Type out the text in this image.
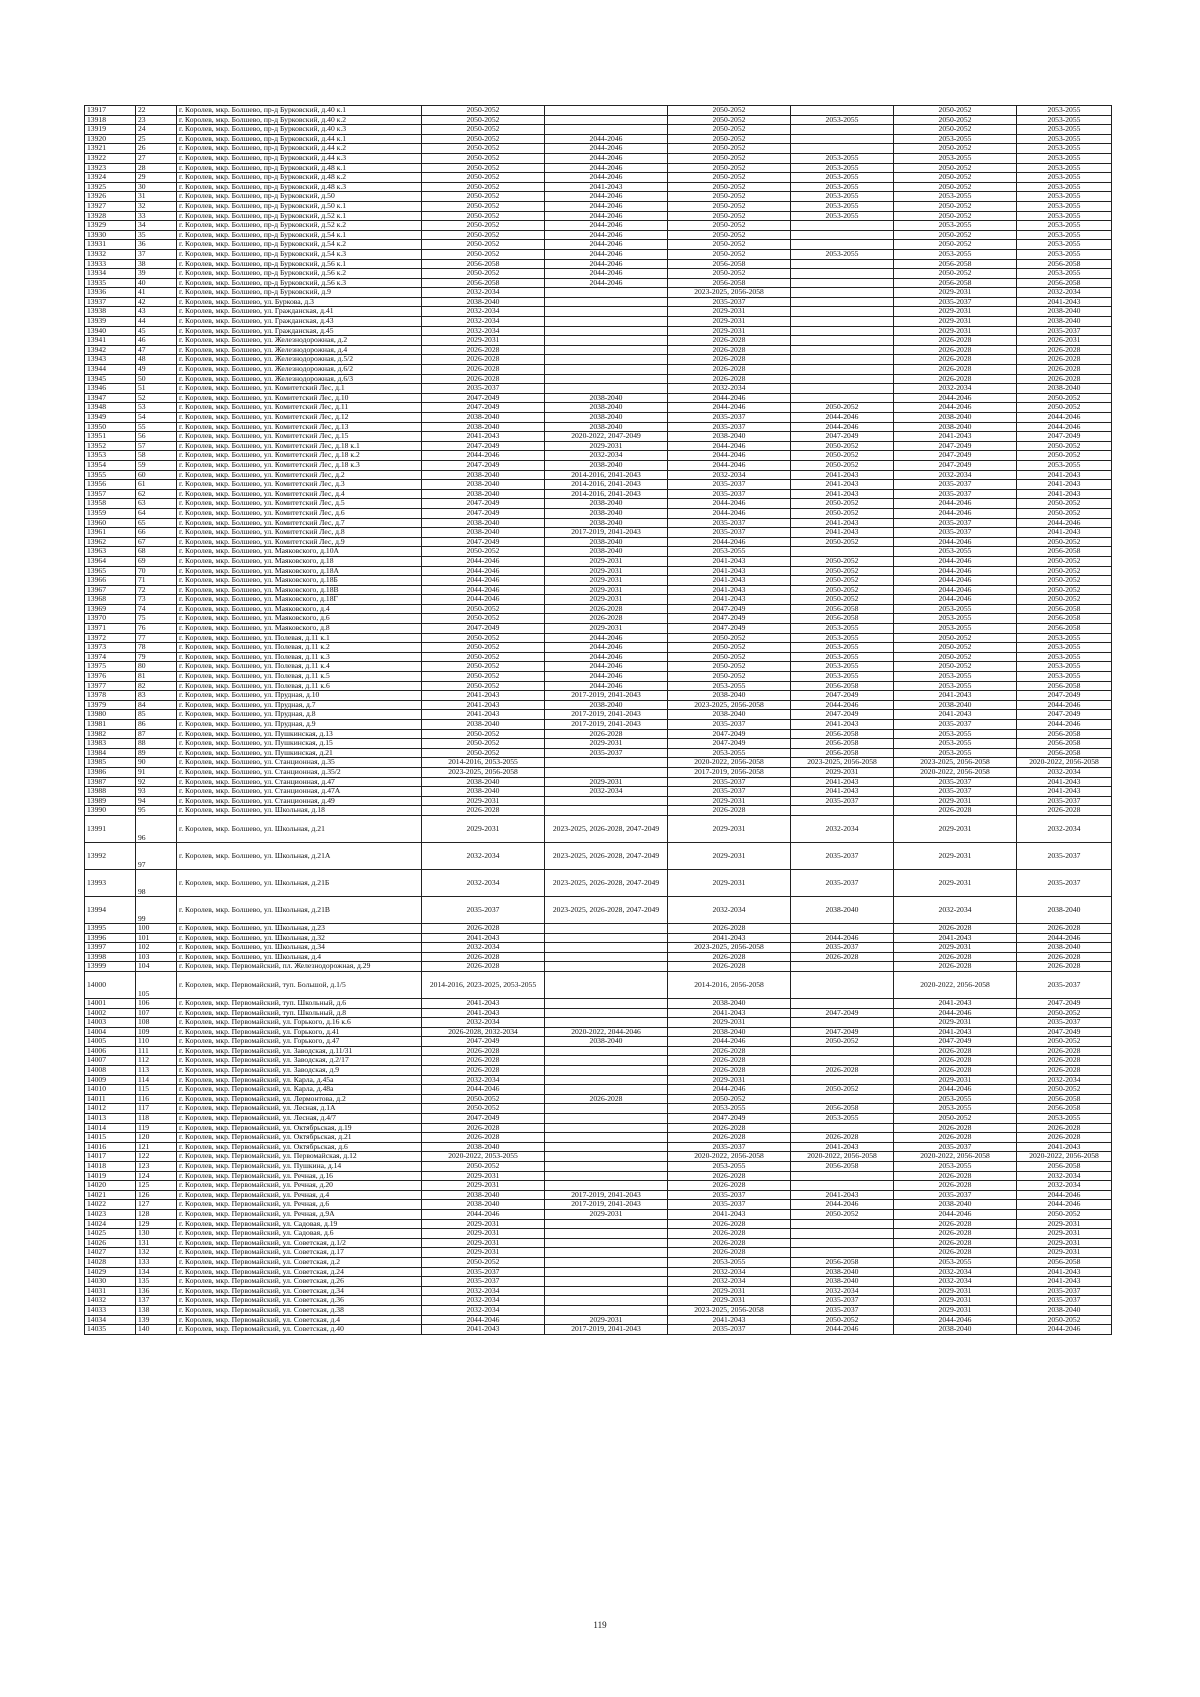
13917	22	г. Королев, мкр. Болшево, пр-д Бурковский, д.40 к.1	2050-2052		2050-2052		2050-2052	2053-2055
13918	23	г. Королев, мкр. Болшево, пр-д Бурковский, д.40 к.2	2050-2052		2050-2052	2053-2055	2050-2052	2053-2055
13919	24	г. Королев, мкр. Болшево, пр-д Бурковский, д.40 к.3	2050-2052		2050-2052		2050-2052	2053-2055
13920	25	г. Королев, мкр. Болшево, пр-д Бурковский, д.44 к.1	2050-2052	2044-2046	2050-2052		2053-2055	2053-2055
13921	26	г. Королев, мкр. Болшево, пр-д Бурковский, д.44 к.2	2050-2052	2044-2046	2050-2052		2050-2052	2053-2055
13922	27	г. Королев, мкр. Болшево, пр-д Бурковский, д.44 к.3	2050-2052	2044-2046	2050-2052	2053-2055	2053-2055	2053-2055
13923	28	г. Королев, мкр. Болшево, пр-д Бурковский, д.48 к.1	2050-2052	2044-2046	2050-2052	2053-2055	2050-2052	2053-2055
13924	29	г. Королев, мкр. Болшево, пр-д Бурковский, д.48 к.2	2050-2052	2044-2046	2050-2052	2053-2055	2050-2052	2053-2055
13925	30	г. Королев, мкр. Болшево, пр-д Бурковский, д.48 к.3	2050-2052	2041-2043	2050-2052	2053-2055	2050-2052	2053-2055
13926	31	г. Королев, мкр. Болшево, пр-д Бурковский, д.50	2050-2052	2044-2046	2050-2052	2053-2055	2053-2055	2053-2055
13927	32	г. Королев, мкр. Болшево, пр-д Бурковский, д.50 к.1	2050-2052	2044-2046	2050-2052	2053-2055	2050-2052	2053-2055
13928	33	г. Королев, мкр. Болшево, пр-д Бурковский, д.52 к.1	2050-2052	2044-2046	2050-2052	2053-2055	2050-2052	2053-2055
13929	34	г. Королев, мкр. Болшево, пр-д Бурковский, д.52 к.2	2050-2052	2044-2046	2050-2052		2053-2055	2053-2055
13930	35	г. Королев, мкр. Болшево, пр-д Бурковский, д.54 к.1	2050-2052	2044-2046	2050-2052		2050-2052	2053-2055
13931	36	г. Королев, мкр. Болшево, пр-д Бурковский, д.54 к.2	2050-2052	2044-2046	2050-2052		2050-2052	2053-2055
13932	37	г. Королев, мкр. Болшево, пр-д Бурковский, д.54 к.3	2050-2052	2044-2046	2050-2052	2053-2055	2053-2055	2053-2055
13933	38	г. Королев, мкр. Болшево, пр-д Бурковский, д.56 к.1	2056-2058	2044-2046	2056-2058		2056-2058	2056-2058
13934	39	г. Королев, мкр. Болшево, пр-д Бурковский, д.56 к.2	2050-2052	2044-2046	2050-2052		2050-2052	2053-2055
13935	40	г. Королев, мкр. Болшево, пр-д Бурковский, д.56 к.3	2056-2058	2044-2046	2056-2058		2056-2058	2056-2058
13936	41	г. Королев, мкр. Болшево, пр-д Бурковский, д.9	2032-2034		2023-2025, 2056-2058		2029-2031	2032-2034
13937	42	г. Королев, мкр. Болшево, ул. Буркова, д.3	2038-2040		2035-2037		2035-2037	2041-2043
13938	43	г. Королев, мкр. Болшево, ул. Гражданская, д.41	2032-2034		2029-2031		2029-2031	2038-2040
13939	44	г. Королев, мкр. Болшево, ул. Гражданская, д.43	2032-2034		2029-2031		2029-2031	2038-2040
13940	45	г. Королев, мкр. Болшево, ул. Гражданская, д.45	2032-2034		2029-2031		2029-2031	2035-2037
13941	46	г. Королев, мкр. Болшево, ул. Железнодорожная, д.2	2029-2031		2026-2028		2026-2028	2026-2031
13942	47	г. Королев, мкр. Болшево, ул. Железнодорожная, д.4	2026-2028		2026-2028		2026-2028	2026-2028
13943	48	г. Королев, мкр. Болшево, ул. Железнодорожная, д.5/2	2026-2028		2026-2028		2026-2028	2026-2028
13944	49	г. Королев, мкр. Болшево, ул. Железнодорожная, д.6/2	2026-2028		2026-2028		2026-2028	2026-2028
13945	50	г. Королев, мкр. Болшево, ул. Железнодорожная, д.6/3	2026-2028		2026-2028		2026-2028	2026-2028
13946	51	г. Королев, мкр. Болшево, ул. Комитетский Лес, д.1	2035-2037		2032-2034		2032-2034	2038-2040
13947	52	г. Королев, мкр. Болшево, ул. Комитетский Лес, д.10	2047-2049	2038-2040	2044-2046		2044-2046	2050-2052
13948	53	г. Королев, мкр. Болшево, ул. Комитетский Лес, д.11	2047-2049	2038-2040	2044-2046	2050-2052	2044-2046	2050-2052
13949	54	г. Королев, мкр. Болшево, ул. Комитетский Лес, д.12	2038-2040	2038-2040	2035-2037	2044-2046	2038-2040	2044-2046
13950	55	г. Королев, мкр. Болшево, ул. Комитетский Лес, д.13	2038-2040	2038-2040	2035-2037	2044-2046	2038-2040	2044-2046
13951	56	г. Королев, мкр. Болшево, ул. Комитетский Лес, д.15	2041-2043	2020-2022, 2047-2049	2038-2040	2047-2049	2041-2043	2047-2049
13952	57	г. Королев, мкр. Болшево, ул. Комитетский Лес, д.18 к.1	2047-2049	2029-2031	2044-2046	2050-2052	2047-2049	2050-2052
13953	58	г. Королев, мкр. Болшево, ул. Комитетский Лес, д.18 к.2	2044-2046	2032-2034	2044-2046	2050-2052	2047-2049	2050-2052
13954	59	г. Королев, мкр. Болшево, ул. Комитетский Лес, д.18 к.3	2047-2049	2038-2040	2044-2046	2050-2052	2047-2049	2053-2055
13955	60	г. Королев, мкр. Болшево, ул. Комитетский Лес, д.2	2038-2040	2014-2016, 2041-2043	2032-2034	2041-2043	2032-2034	2041-2043
13956	61	г. Королев, мкр. Болшево, ул. Комитетский Лес, д.3	2038-2040	2014-2016, 2041-2043	2035-2037	2041-2043	2035-2037	2041-2043
13957	62	г. Королев, мкр. Болшево, ул. Комитетский Лес, д.4	2038-2040	2014-2016, 2041-2043	2035-2037	2041-2043	2035-2037	2041-2043
13958	63	г. Королев, мкр. Болшево, ул. Комитетский Лес, д.5	2047-2049	2038-2040	2044-2046	2050-2052	2044-2046	2050-2052
13959	64	г. Королев, мкр. Болшево, ул. Комитетский Лес, д.6	2047-2049	2038-2040	2044-2046	2050-2052	2044-2046	2050-2052
13960	65	г. Королев, мкр. Болшево, ул. Комитетский Лес, д.7	2038-2040	2038-2040	2035-2037	2041-2043	2035-2037	2044-2046
13961	66	г. Королев, мкр. Болшево, ул. Комитетский Лес, д.8	2038-2040	2017-2019, 2041-2043	2035-2037	2041-2043	2035-2037	2041-2043
13962	67	г. Королев, мкр. Болшево, ул. Комитетский Лес, д.9	2047-2049	2038-2040	2044-2046	2050-2052	2044-2046	2050-2052
13963	68	г. Королев, мкр. Болшево, ул. Маяковского, д.10А	2050-2052	2038-2040	2053-2055		2053-2055	2056-2058
13964	69	г. Королев, мкр. Болшево, ул. Маяковского, д.18	2044-2046	2029-2031	2041-2043	2050-2052	2044-2046	2050-2052
13965	70	г. Королев, мкр. Болшево, ул. Маяковского, д.18А	2044-2046	2029-2031	2041-2043	2050-2052	2044-2046	2050-2052
13966	71	г. Королев, мкр. Болшево, ул. Маяковского, д.18Б	2044-2046	2029-2031	2041-2043	2050-2052	2044-2046	2050-2052
13967	72	г. Королев, мкр. Болшево, ул. Маяковского, д.18В	2044-2046	2029-2031	2041-2043	2050-2052	2044-2046	2050-2052
13968	73	г. Королев, мкр. Болшево, ул. Маяковского, д.18Г	2044-2046	2029-2031	2041-2043	2050-2052	2044-2046	2050-2052
13969	74	г. Королев, мкр. Болшево, ул. Маяковского, д.4	2050-2052	2026-2028	2047-2049	2056-2058	2053-2055	2056-2058
13970	75	г. Королев, мкр. Болшево, ул. Маяковского, д.6	2050-2052	2026-2028	2047-2049	2056-2058	2053-2055	2056-2058
13971	76	г. Королев, мкр. Болшево, ул. Маяковского, д.8	2047-2049	2029-2031	2047-2049	2053-2055	2053-2055	2056-2058
13972	77	г. Королев, мкр. Болшево, ул. Полевая, д.11 к.1	2050-2052	2044-2046	2050-2052	2053-2055	2050-2052	2053-2055
13973	78	г. Королев, мкр. Болшево, ул. Полевая, д.11 к.2	2050-2052	2044-2046	2050-2052	2053-2055	2050-2052	2053-2055
13974	79	г. Королев, мкр. Болшево, ул. Полевая, д.11 к.3	2050-2052	2044-2046	2050-2052	2053-2055	2050-2052	2053-2055
13975	80	г. Королев, мкр. Болшево, ул. Полевая, д.11 к.4	2050-2052	2044-2046	2050-2052	2053-2055	2050-2052	2053-2055
13976	81	г. Королев, мкр. Болшево, ул. Полевая, д.11 к.5	2050-2052	2044-2046	2050-2052	2053-2055	2053-2055	2053-2055
13977	82	г. Королев, мкр. Болшево, ул. Полевая, д.11 к.6	2050-2052	2044-2046	2053-2055	2056-2058	2053-2055	2056-2058
13978	83	г. Королев, мкр. Болшево, ул. Прудная, д.10	2041-2043	2017-2019, 2041-2043	2038-2040	2047-2049	2041-2043	2047-2049
13979	84	г. Королев, мкр. Болшево, ул. Прудная, д.7	2041-2043	2038-2040	2023-2025, 2056-2058	2044-2046	2038-2040	2044-2046
13980	85	г. Королев, мкр. Болшево, ул. Прудная, д.8	2041-2043	2017-2019, 2041-2043	2038-2040	2047-2049	2041-2043	2047-2049
13981	86	г. Королев, мкр. Болшево, ул. Прудная, д.9	2038-2040	2017-2019, 2041-2043	2035-2037	2041-2043	2035-2037	2044-2046
13982	87	г. Королев, мкр. Болшево, ул. Пушкинская, д.13	2050-2052	2026-2028	2047-2049	2056-2058	2053-2055	2056-2058
13983	88	г. Королев, мкр. Болшево, ул. Пушкинская, д.15	2050-2052	2029-2031	2047-2049	2056-2058	2053-2055	2056-2058
13984	89	г. Королев, мкр. Болшево, ул. Пушкинская, д.21	2050-2052	2035-2037	2053-2055	2056-2058	2053-2055	2056-2058
13985	90	г. Королев, мкр. Болшево, ул. Станционная, д.35	2014-2016, 2053-2055		2020-2022, 2056-2058	2023-2025, 2056-2058	2023-2025, 2056-2058	2020-2022, 2056-2058
13986	91	г. Королев, мкр. Болшево, ул. Станционная, д.35/2	2023-2025, 2056-2058		2017-2019, 2056-2058	2029-2031	2020-2022, 2056-2058	2032-2034
13987	92	г. Королев, мкр. Болшево, ул. Станционная, д.47	2038-2040	2029-2031	2035-2037	2041-2043	2035-2037	2041-2043
13988	93	г. Королев, мкр. Болшево, ул. Станционная, д.47А	2038-2040	2032-2034	2035-2037	2041-2043	2035-2037	2041-2043
13989	94	г. Королев, мкр. Болшево, ул. Станционная, д.49	2029-2031		2029-2031	2035-2037	2029-2031	2035-2037
13990	95	г. Королев, мкр. Болшево, ул. Школьная, д.18	2026-2028		2026-2028		2026-2028	2026-2028
13991	96	г. Королев, мкр. Болшево, ул. Школьная, д.21	2029-2031	2023-2025, 2026-2028, 2047-2049	2029-2031	2032-2034	2029-2031	2032-2034
13992	97	г. Королев, мкр. Болшево, ул. Школьная, д.21А	2032-2034	2023-2025, 2026-2028, 2047-2049	2029-2031	2035-2037	2029-2031	2035-2037
13993	98	г. Королев, мкр. Болшево, ул. Школьная, д.21Б	2032-2034	2023-2025, 2026-2028, 2047-2049	2029-2031	2035-2037	2029-2031	2035-2037
13994	99	г. Королев, мкр. Болшево, ул. Школьная, д.21В	2035-2037	2023-2025, 2026-2028, 2047-2049	2032-2034	2038-2040	2032-2034	2038-2040
13995	100	г. Королев, мкр. Болшево, ул. Школьная, д.23	2026-2028		2026-2028		2026-2028	2026-2028
13996	101	г. Королев, мкр. Болшево, ул. Школьная, д.32	2041-2043		2041-2043	2044-2046	2041-2043	2044-2046
13997	102	г. Королев, мкр. Болшево, ул. Школьная, д.34	2032-2034		2023-2025, 2056-2058	2035-2037	2029-2031	2038-2040
13998	103	г. Королев, мкр. Болшево, ул. Школьная, д.4	2026-2028		2026-2028	2026-2028	2026-2028	2026-2028
13999	104	г. Королев, мкр. Первомайский, пл. Железнодорожная, д.29	2026-2028		2026-2028		2026-2028	2026-2028
14000	105	г. Королев, мкр. Первомайский, туп. Большой, д.1/5	2014-2016, 2023-2025, 2053-2055		2014-2016, 2056-2058		2020-2022, 2056-2058	2035-2037
14001	106	г. Королев, мкр. Первомайский, туп. Школьный, д.6	2041-2043		2038-2040		2041-2043	2047-2049
14002	107	г. Королев, мкр. Первомайский, туп. Школьный, д.8	2041-2043		2041-2043	2047-2049	2044-2046	2050-2052
14003	108	г. Королев, мкр. Первомайский, ул. Горького, д.16 к.6	2032-2034		2029-2031		2029-2031	2035-2037
14004	109	г. Королев, мкр. Первомайский, ул. Горького, д.41	2026-2028, 2032-2034	2020-2022, 2044-2046	2038-2040	2047-2049	2041-2043	2047-2049
14005	110	г. Королев, мкр. Первомайский, ул. Горького, д.47	2047-2049	2038-2040	2044-2046	2050-2052	2047-2049	2050-2052
14006	111	г. Королев, мкр. Первомайский, ул. Заводская, д.11/31	2026-2028		2026-2028		2026-2028	2026-2028
14007	112	г. Королев, мкр. Первомайский, ул. Заводская, д.2/17	2026-2028		2026-2028		2026-2028	2026-2028
14008	113	г. Королев, мкр. Первомайский, ул. Заводская, д.9	2026-2028		2026-2028	2026-2028	2026-2028	2026-2028
14009	114	г. Королев, мкр. Первомайский, ул. Карла, д.45а	2032-2034		2029-2031		2029-2031	2032-2034
14010	115	г. Королев, мкр. Первомайский, ул. Карла, д.48а	2044-2046		2044-2046	2050-2052	2044-2046	2050-2052
14011	116	г. Королев, мкр. Первомайский, ул. Лермонтова, д.2	2050-2052	2026-2028	2050-2052		2053-2055	2056-2058
14012	117	г. Королев, мкр. Первомайский, ул. Лесная, д.1А	2050-2052		2053-2055	2056-2058	2053-2055	2056-2058
14013	118	г. Королев, мкр. Первомайский, ул. Лесная, д.4/7	2047-2049		2047-2049	2053-2055	2050-2052	2053-2055
14014	119	г. Королев, мкр. Первомайский, ул. Октябрьская, д.19	2026-2028		2026-2028		2026-2028	2026-2028
14015	120	г. Королев, мкр. Первомайский, ул. Октябрьская, д.21	2026-2028		2026-2028	2026-2028	2026-2028	2026-2028
14016	121	г. Королев, мкр. Первомайский, ул. Октябрьская, д.6	2038-2040		2035-2037	2041-2043	2035-2037	2041-2043
14017	122	г. Королев, мкр. Первомайский, ул. Первомайская, д.12	2020-2022, 2053-2055		2020-2022, 2056-2058	2020-2022, 2056-2058	2020-2022, 2056-2058	2020-2022, 2056-2058
14018	123	г. Королев, мкр. Первомайский, ул. Пушкина, д.14	2050-2052		2053-2055	2056-2058	2053-2055	2056-2058
14019	124	г. Королев, мкр. Первомайский, ул. Речная, д.16	2029-2031		2026-2028		2026-2028	2032-2034
14020	125	г. Королев, мкр. Первомайский, ул. Речная, д.20	2029-2031		2026-2028		2026-2028	2032-2034
14021	126	г. Королев, мкр. Первомайский, ул. Речная, д.4	2038-2040	2017-2019, 2041-2043	2035-2037	2041-2043	2035-2037	2044-2046
14022	127	г. Королев, мкр. Первомайский, ул. Речная, д.6	2038-2040	2017-2019, 2041-2043	2035-2037	2044-2046	2038-2040	2044-2046
14023	128	г. Королев, мкр. Первомайский, ул. Речная, д.9А	2044-2046	2029-2031	2041-2043	2050-2052	2044-2046	2050-2052
14024	129	г. Королев, мкр. Первомайский, ул. Садовая, д.19	2029-2031		2026-2028		2026-2028	2029-2031
14025	130	г. Королев, мкр. Первомайский, ул. Садовая, д.6	2029-2031		2026-2028		2026-2028	2029-2031
14026	131	г. Королев, мкр. Первомайский, ул. Советская, д.1/2	2029-2031		2026-2028		2026-2028	2029-2031
14027	132	г. Королев, мкр. Первомайский, ул. Советская, д.17	2029-2031		2026-2028		2026-2028	2029-2031
14028	133	г. Королев, мкр. Первомайский, ул. Советская, д.2	2050-2052		2053-2055	2056-2058	2053-2055	2056-2058
14029	134	г. Королев, мкр. Первомайский, ул. Советская, д.24	2035-2037		2032-2034	2038-2040	2032-2034	2041-2043
14030	135	г. Королев, мкр. Первомайский, ул. Советская, д.26	2035-2037		2032-2034	2038-2040	2032-2034	2041-2043
14031	136	г. Королев, мкр. Первомайский, ул. Советская, д.34	2032-2034		2029-2031	2032-2034	2029-2031	2035-2037
14032	137	г. Королев, мкр. Первомайский, ул. Советская, д.36	2032-2034		2029-2031	2035-2037	2029-2031	2035-2037
14033	138	г. Королев, мкр. Первомайский, ул. Советская, д.38	2032-2034		2023-2025, 2056-2058	2035-2037	2029-2031	2038-2040
14034	139	г. Королев, мкр. Первомайский, ул. Советская, д.4	2044-2046	2029-2031	2041-2043	2050-2052	2044-2046	2050-2052
14035	140	г. Королев, мкр. Первомайский, ул. Советская, д.40	2041-2043	2017-2019, 2041-2043	2035-2037	2044-2046	2038-2040	2044-2046
119
